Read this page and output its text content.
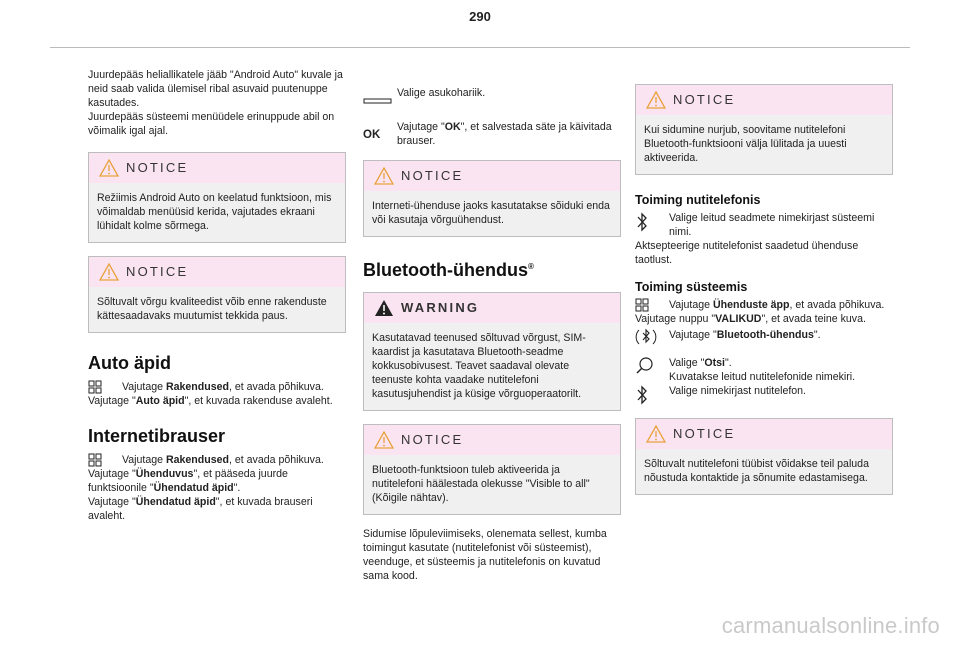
290

Juurdepääs heliallikatele jääb "Android Auto" kuvale ja neid saab valida ülemisel ribal asuvaid puutenuppe kasutades.

Juurdepääs süsteemi menüüdele erinuppude abil on võimalik igal ajal.

NOTICE

Režiimis Android Auto on keelatud funktsioon, mis võimaldab menüüsid kerida, vajutades ekraani lühidalt kolme sõrmega.

NOTICE

Sõltuvalt võrgu kvaliteedist võib enne rakenduste kättesaadavaks muutumist tekkida paus.

Auto äpid
Vajutage Rakendused, et avada põhikuva.

Vajutage "Auto äpid", et kuvada rakenduse avaleht.

Internetibrauser
Vajutage Rakendused, et avada põhikuva.

Vajutage "Ühenduvus", et pääseda juurde funktsioonile "Ühendatud äpid".

Vajutage "Ühendatud äpid", et kuvada brauseri avaleht.

Valige asukohariik.
OK
Vajutage "OK", et salvestada säte ja käivitada brauser.
NOTICE

Interneti-ühenduse jaoks kasutatakse sõiduki enda või kasutaja võrguühendust.

Bluetooth-ühendus®
WARNING

Kasutatavad teenused sõltuvad võrgust, SIM-kaardist ja kasutatava Bluetooth-seadme kokkusobivusest. Teavet saadaval olevate teenuste kohta vaadake nutitelefoni kasutusjuhendist ja küsige võrguoperaatorilt.

NOTICE

Bluetooth-funktsioon tuleb aktiveerida ja nutitelefoni häälestada olekusse "Visible to all" (Kõigile nähtav).

Sidumise lõpuleviimiseks, olenemata sellest, kumba toimingut kasutate (nutitelefonist või süsteemist), veenduge, et süsteemis ja nutitelefonis on kuvatud sama kood.

NOTICE

Kui sidumine nurjub, soovitame nutitelefoni Bluetooth-funktsiooni välja lülitada ja uuesti aktiveerida.

Toiming nutitelefonis
Valige leitud seadmete nimekirjast süsteemi nimi.

Aktsepteerige nutitelefonist saadetud ühenduse taotlust.

Toiming süsteemis
Vajutage Ühenduste äpp, et avada põhikuva.

Vajutage nuppu "VALIKUD", et avada teine kuva.

Vajutage "Bluetooth-ühendus".

Valige "Otsi".

Kuvatakse leitud nutitelefonide nimekiri.

Valige nimekirjast nutitelefon.
NOTICE

Sõltuvalt nutitelefoni tüübist võidakse teil paluda nõustuda kontaktide ja sõnumite edastamisega.

carmanualsonline.info
